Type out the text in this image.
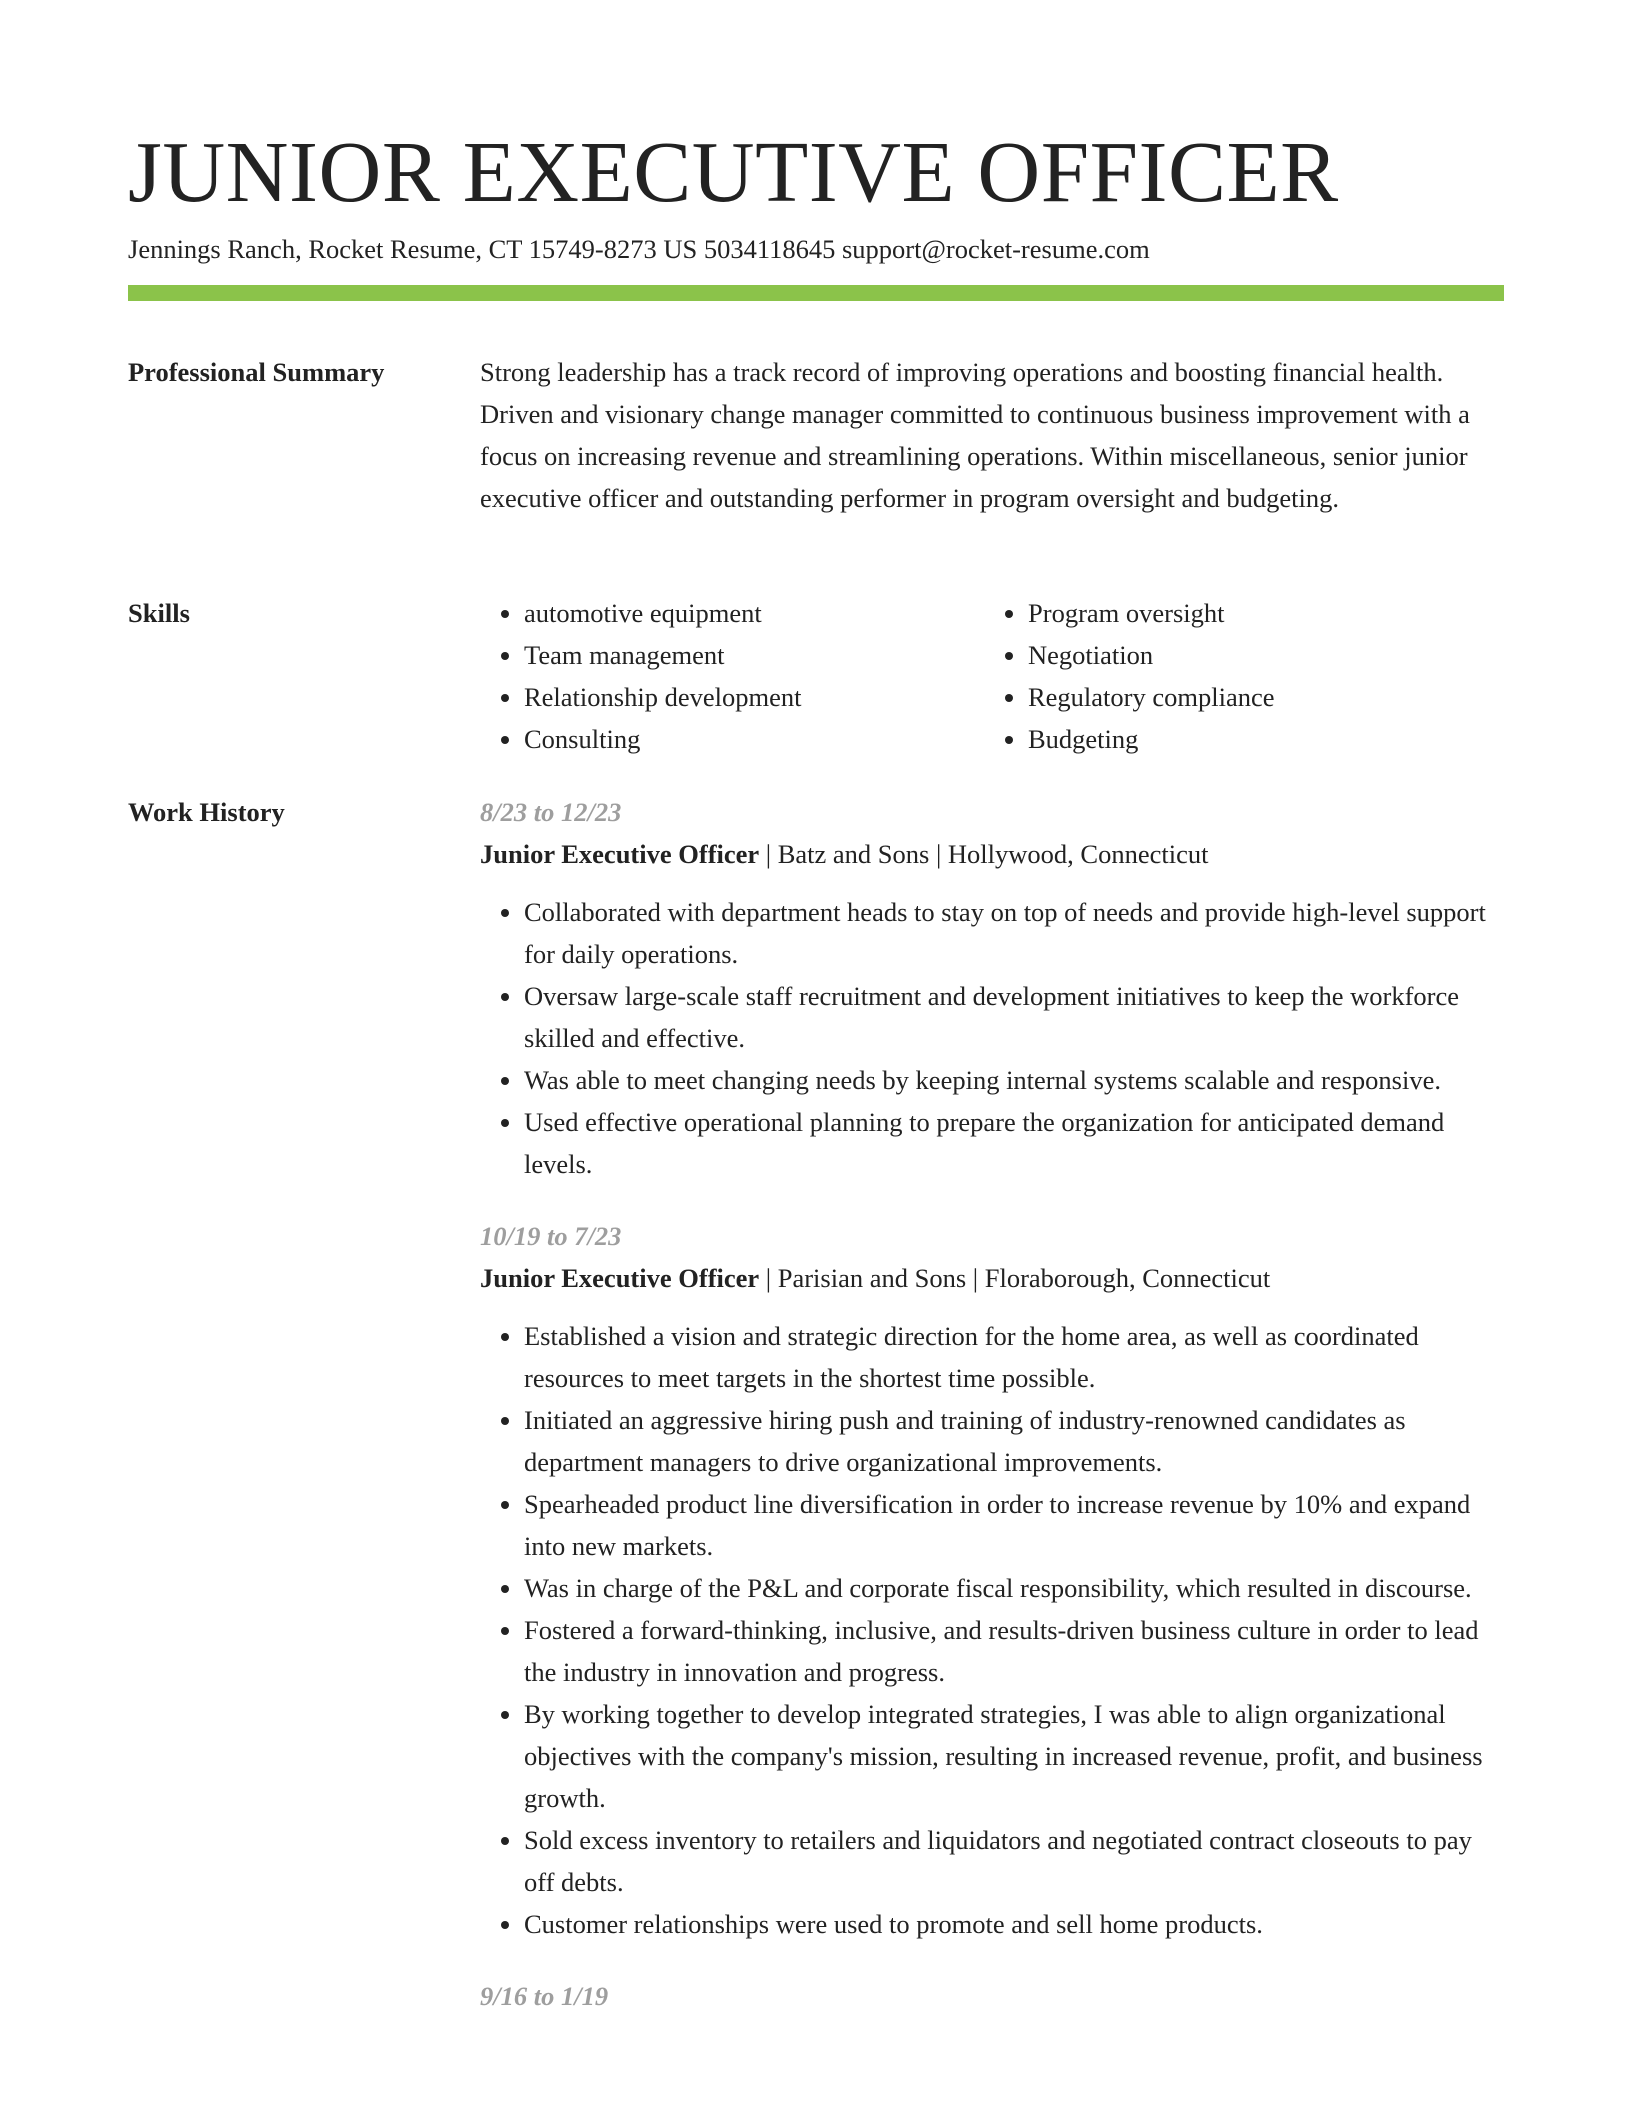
JUNIOR EXECUTIVE OFFICER
Jennings Ranch, Rocket Resume, CT 15749-8273 US 5034118645 support@rocket-resume.com
Professional Summary	Strong leadership has a track record of improving operations and boosting financial health. Driven and visionary change manager committed to continuous business improvement with a focus on increasing revenue and streamlining operations. Within miscellaneous, senior junior executive officer and outstanding performer in program oversight and budgeting.

Skills
•	automotive equipment
• Team management
• Relationship development
• Consulting
• Program oversight
• Negotiation
• Regulatory compliance
• Budgeting
Work History	8/23 to 12/23
Junior Executive Officer | Batz and Sons | Hollywood, Connecticut
• Collaborated with department heads to stay on top of needs and provide high-level support for daily operations.
• Oversaw large-scale staff recruitment and development initiatives to keep the workforce skilled and effective.
• Was able to meet changing needs by keeping internal systems scalable and responsive.
• Used effective operational planning to prepare the organization for anticipated demand levels.
10/19 to 7/23
Junior Executive Officer | Parisian and Sons | Floraborough, Connecticut
• Established a vision and strategic direction for the home area, as well as coordinated resources to meet targets in the shortest time possible.
• Initiated an aggressive hiring push and training of industry-renowned candidates as department managers to drive organizational improvements.
• Spearheaded product line diversification in order to increase revenue by 10% and expand into new markets.
• Was in charge of the P&L and corporate fiscal responsibility, which resulted in discourse.
• Fostered a forward-thinking, inclusive, and results-driven business culture in order to lead the industry in innovation and progress.
• By working together to develop integrated strategies, I was able to align organizational objectives with the company's mission, resulting in increased revenue, profit, and business growth.
• Sold excess inventory to retailers and liquidators and negotiated contract closeouts to pay off debts.
• Customer relationships were used to promote and sell home products.
9/16 to 1/19
